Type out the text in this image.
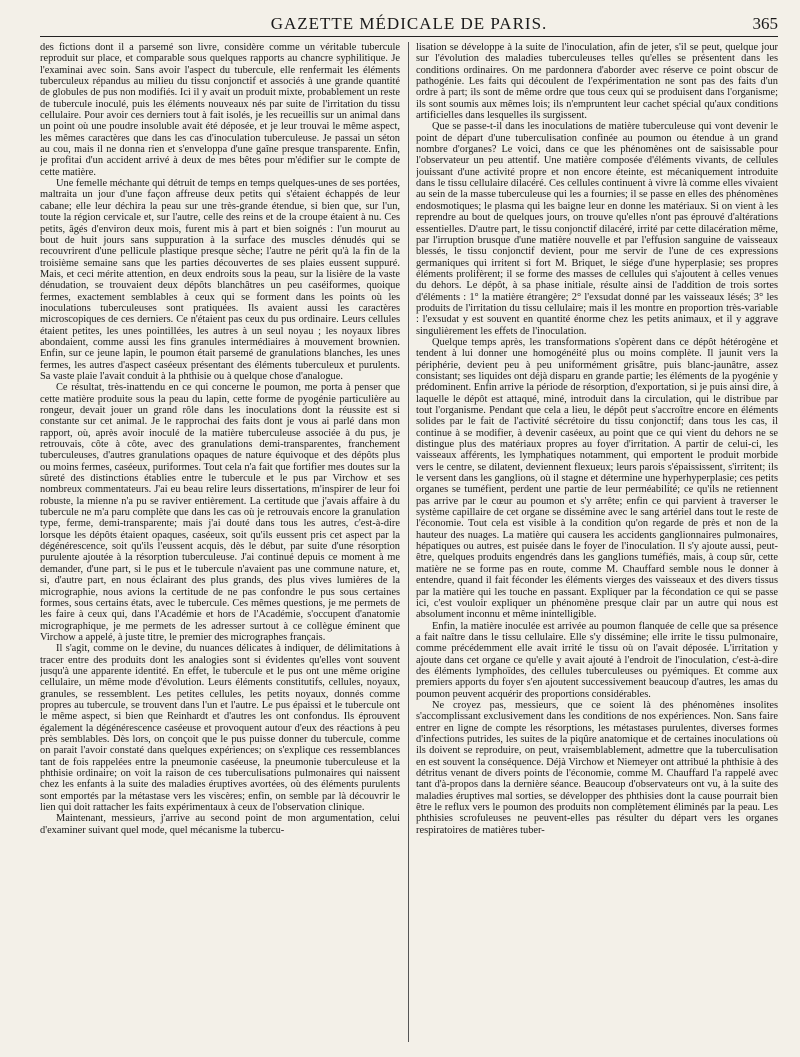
GAZETTE MÉDICALE DE PARIS.	365

des fictions dont il a parsemé son livre, considère comme un véritable tubercule reproduit sur place, et comparable sous quelques rapports au chancre syphilitique. Je l'examinai avec soin. Sans avoir l'aspect du tubercule, elle renfermait les éléments tuberculeux répandus au milieu du tissu conjonctif et associés à une grande quantité de globules de pus non modifiés. Ici il y avait un produit mixte, probablement un reste de tubercule inoculé, puis les éléments nouveaux nés par suite de l'irritation du tissu cellulaire. Pour avoir ces derniers tout à fait isolés, je les recueillis sur un animal dans un point où une poudre insoluble avait été déposée, et je leur trouvai le même aspect, les mêmes caractères que dans les cas d'inoculation tuberculeuse. Je passai un séton au cou, mais il ne donna rien et s'enveloppa d'une gaîne presque transparente. Enfin, je profitai d'un accident arrivé à deux de mes bêtes pour m'édifier sur le compte de cette matière.

Une femelle méchante qui détruit de temps en temps quelques-unes de ses portées, maltraita un jour d'une façon affreuse deux petits qui s'étaient échappés de leur cabane; elle leur déchira la peau sur une très-grande étendue, si bien que, sur l'un, toute la région cervicale et, sur l'autre, celle des reins et de la croupe étaient à nu. Ces petits, âgés d'environ deux mois, furent mis à part et bien soignés : l'un mourut au bout de huit jours sans suppuration à la surface des muscles dénudés qui se recouvrirent d'une pellicule plastique presque sèche; l'autre ne périt qu'à la fin de la troisième semaine sans que les parties découvertes de ses plaies eussent suppuré. Mais, et ceci mérite attention, en deux endroits sous la peau, sur la lisière de la vaste dénudation, se trouvaient deux dépôts blanchâtres un peu caséiformes, quoique fermes, exactement semblables à ceux qui se forment dans les points où les inoculations tuberculeuses sont pratiquées. Ils avaient aussi les caractères microscopiques de ces derniers. Ce n'étaient pas ceux du pus ordinaire. Leurs cellules étaient petites, les unes pointillées, les autres à un seul noyau ; les noyaux libres abondaient, comme aussi les fins granules intermédiaires à mouvement brownien. Enfin, sur ce jeune lapin, le poumon était parsemé de granulations blanches, les unes fermes, les autres d'aspect caséeux présentant des éléments tuberculeux et purulents. Sa vaste plaie l'avait conduit à la phthisie ou à quelque chose d'analogue.

Ce résultat, très-inattendu en ce qui concerne le poumon, me porta à penser que cette matière produite sous la peau du lapin, cette forme de pyogénie particulière au rongeur, devait jouer un grand rôle dans les inoculations dont la réussite est si constante sur cet animal. Je le rapprochai des faits dont je vous ai parlé dans mon rapport, où, après avoir inoculé de la matière tuberculeuse associée à du pus, je retrouvais, côte à côte, avec des granulations demi-transparentes, franchement tuberculeuses, d'autres granulations opaques de nature équivoque et des dépôts plus ou moins fermes, caséeux, puriformes. Tout cela n'a fait que fortifier mes doutes sur la sûreté des distinctions établies entre le tubercule et le pus par Virchow et ses nombreux commentateurs. J'ai eu beau relire leurs dissertations, m'inspirer de leur foi robuste, la mienne n'a pu se raviver entièrement. La certitude que j'avais affaire à du tubercule ne m'a paru complète que dans les cas où je retrouvais encore la granulation type, ferme, demi-transparente; mais j'ai douté dans tous les autres, c'est-à-dire lorsque les dépôts étaient opaques, caséeux, soit qu'ils eussent pris cet aspect par la dégénérescence, soit qu'ils l'eussent acquis, dès le début, par suite d'une résorption purulente ajoutée à la résorption tuberculeuse. J'ai continué depuis ce moment à me demander, d'une part, si le pus et le tubercule n'avaient pas une commune nature, et, si, d'autre part, en nous éclairant des plus grands, des plus vives lumières de la micrographie, nous avions la certitude de ne pas confondre le pus sous certaines formes, sous certains états, avec le tubercule. Ces mêmes questions, je me permets de les faire à ceux qui, dans l'Académie et hors de l'Académie, s'occupent d'anatomie micrographique, je me permets de les adresser surtout à ce collègue éminent que Virchow a appelé, à juste titre, le premier des micrographes français.

Il s'agit, comme on le devine, du nuances délicates à indiquer, de délimitations à tracer entre des produits dont les analogies sont si évidentes qu'elles vont souvent jusqu'à une apparente identité. En effet, le tubercule et le pus ont une même origine cellulaire, un même mode d'évolution. Leurs éléments constitutifs, cellules, noyaux, granules, se ressemblent. Les petites cellules, les petits noyaux, donnés comme propres au tubercule, se trouvent dans l'un et l'autre. Le pus épaissi et le tubercule ont le même aspect, si bien que Reinhardt et d'autres les ont confondus. Ils éprouvent également la dégénérescence caséeuse et provoquent autour d'eux des réactions à peu près semblables. Dès lors, on conçoit que le pus puisse donner du tubercule, comme on parait l'avoir constaté dans quelques expériences; on s'explique ces ressemblances tant de fois rappelées entre la pneumonie caséeuse, la pneumonie tuberculeuse et la phthisie ordinaire; on voit la raison de ces tuberculisations pulmonaires qui naissent chez les enfants à la suite des maladies éruptives avortées, où des éléments purulents sont emportés par la métastase vers les viscères; enfin, on semble par là découvrir le lien qui doit rattacher les faits expérimentaux à ceux de l'observation clinique.

Maintenant, messieurs, j'arrive au second point de mon argumentation, celui d'examiner suivant quel mode, quel mécanisme la tubercu-

lisation se développe à la suite de l'inoculation, afin de jeter, s'il se peut, quelque jour sur l'évolution des maladies tuberculeuses telles qu'elles se présentent dans les conditions ordinaires. On me pardonnera d'aborder avec réserve ce point obscur de pathogénie. Les faits qui découlent de l'expérimentation ne sont pas des faits d'un ordre à part; ils sont de même ordre que tous ceux qui se produisent dans l'organisme; ils sont soumis aux mêmes lois; ils n'empruntent leur cachet spécial qu'aux conditions artificielles dans lesquelles ils surgissent.

Que se passe-t-il dans les inoculations de matière tuberculeuse qui vont devenir le point de départ d'une tuberculisation confinée au poumon ou étendue à un grand nombre d'organes? Le voici, dans ce que les phénomènes ont de saisissable pour l'observateur un peu attentif. Une matière composée d'éléments vivants, de cellules jouissant d'une activité propre et non encore éteinte, est mécaniquement introduite dans le tissu cellulaire dilacéré. Ces cellules continuent à vivre là comme elles vivaient au sein de la masse tuberculeuse qui les a fournies; il se passe en elles des phénomènes endosmotiques; le plasma qui les baigne leur en donne les matériaux. Si on vient à les reprendre au bout de quelques jours, on trouve qu'elles n'ont pas éprouvé d'altérations essentielles. D'autre part, le tissu conjonctif dilacéré, irrité par cette dilacération même, par l'irruption brusque d'une matière nouvelle et par l'effusion sanguine de vaisseaux blessés, le tissu conjonctif devient, pour me servir de l'une de ces expressions germaniques qui irritent si fort M. Briquet, le siége d'une hyperplasie; ses propres éléments prolifèrent; il se forme des masses de cellules qui s'ajoutent à celles venues du dehors. Le dépôt, à sa phase initiale, résulte ainsi de l'addition de trois sortes d'éléments : 1° la matière étrangère; 2° l'exsudat donné par les vaisseaux lésés; 3° les produits de l'irritation du tissu cellulaire; mais il les montre en proportion très-variable : l'exsudat y est souvent en quantité énorme chez les petits animaux, et il y aggrave singulièrement les effets de l'inoculation.

Quelque temps après, les transformations s'opèrent dans ce dépôt hétérogène et tendent à lui donner une homogénéité plus ou moins complète. Il jaunit vers la périphérie, devient peu à peu uniformément grisâtre, puis blanc-jaunâtre, assez consistant; ses liquides ont déjà disparu en grande partie; les éléments de la pyogénie y prédominent. Enfin arrive la période de résorption, d'exportation, si je puis ainsi dire, à laquelle le dépôt est attaqué, miné, introduit dans la circulation, qui le distribue par tout l'organisme. Pendant que cela a lieu, le dépôt peut s'accroître encore en éléments solides par le fait de l'activité sécrétoire du tissu conjonctif; dans tous les cas, il continue à se modifier, à devenir caséeux, au point que ce qui vient du dehors ne se distingue plus des matériaux propres au foyer d'irritation. A partir de celui-ci, les vaisseaux afférents, les lymphatiques notamment, qui emportent le produit morbide vers le centre, se dilatent, deviennent flexueux; leurs parois s'épaississent, s'irritent; ils le versent dans les ganglions, où il stagne et détermine une hyperhyperplasie; ces petits organes se tuméfient, perdent une partie de leur perméabilité; ce qu'ils ne retiennent pas arrive par le cœur au poumon et s'y arrête; enfin ce qui parvient à traverser le système capillaire de cet organe se dissémine avec le sang artériel dans tout le reste de l'économie. Tout cela est visible à la condition qu'on regarde de près et non de la hauteur des nuages. La matière qui causera les accidents ganglionnaires pulmonaires, hépatiques ou autres, est puisée dans le foyer de l'inoculation. Il s'y ajoute aussi, peut-être, quelques produits engendrés dans les ganglions tuméfiés, mais, à coup sûr, cette matière ne se forme pas en route, comme M. Chauffard semble nous le donner à entendre, quand il fait féconder les éléments vierges des vaisseaux et des divers tissus par la matière qui les touche en passant. Expliquer par la fécondation ce qui se passe ici, c'est vouloir expliquer un phénomène presque clair par un autre qui nous est absolument inconnu et même inintelligible.

Enfin, la matière inoculée est arrivée au poumon flanquée de celle que sa présence a fait naître dans le tissu cellulaire. Elle s'y dissémine; elle irrite le tissu pulmonaire, comme précédemment elle avait irrité le tissu où on l'avait déposée. L'irritation y ajoute dans cet organe ce qu'elle y avait ajouté à l'endroit de l'inoculation, c'est-à-dire des éléments lymphoïdes, des cellules tuberculeuses ou pyémiques. Et comme aux premiers apports du foyer s'en ajoutent successivement beaucoup d'autres, les amas du poumon peuvent acquérir des proportions considérables.

Ne croyez pas, messieurs, que ce soient là des phénomènes insolites s'accomplissant exclusivement dans les conditions de nos expériences. Non. Sans faire entrer en ligne de compte les résorptions, les métastases purulentes, diverses formes d'infections putrides, les suites de la piqûre anatomique et de certaines inoculations où ils doivent se reproduire, on peut, vraisemblablement, admettre que la tuberculisation en est souvent la conséquence. Déjà Virchow et Niemeyer ont attribué la phthisie à des détritus venant de divers points de l'économie, comme M. Chauffard l'a rappelé avec tant d'à-propos dans la dernière séance. Beaucoup d'observateurs ont vu, à la suite des maladies éruptives mal sorties, se développer des phthisies dont la cause pourrait bien être le reflux vers le poumon des produits non complètement éliminés par la peau. Les phthisies scrofuleuses ne peuvent-elles pas résulter du départ vers les organes respiratoires de matières tuber-
